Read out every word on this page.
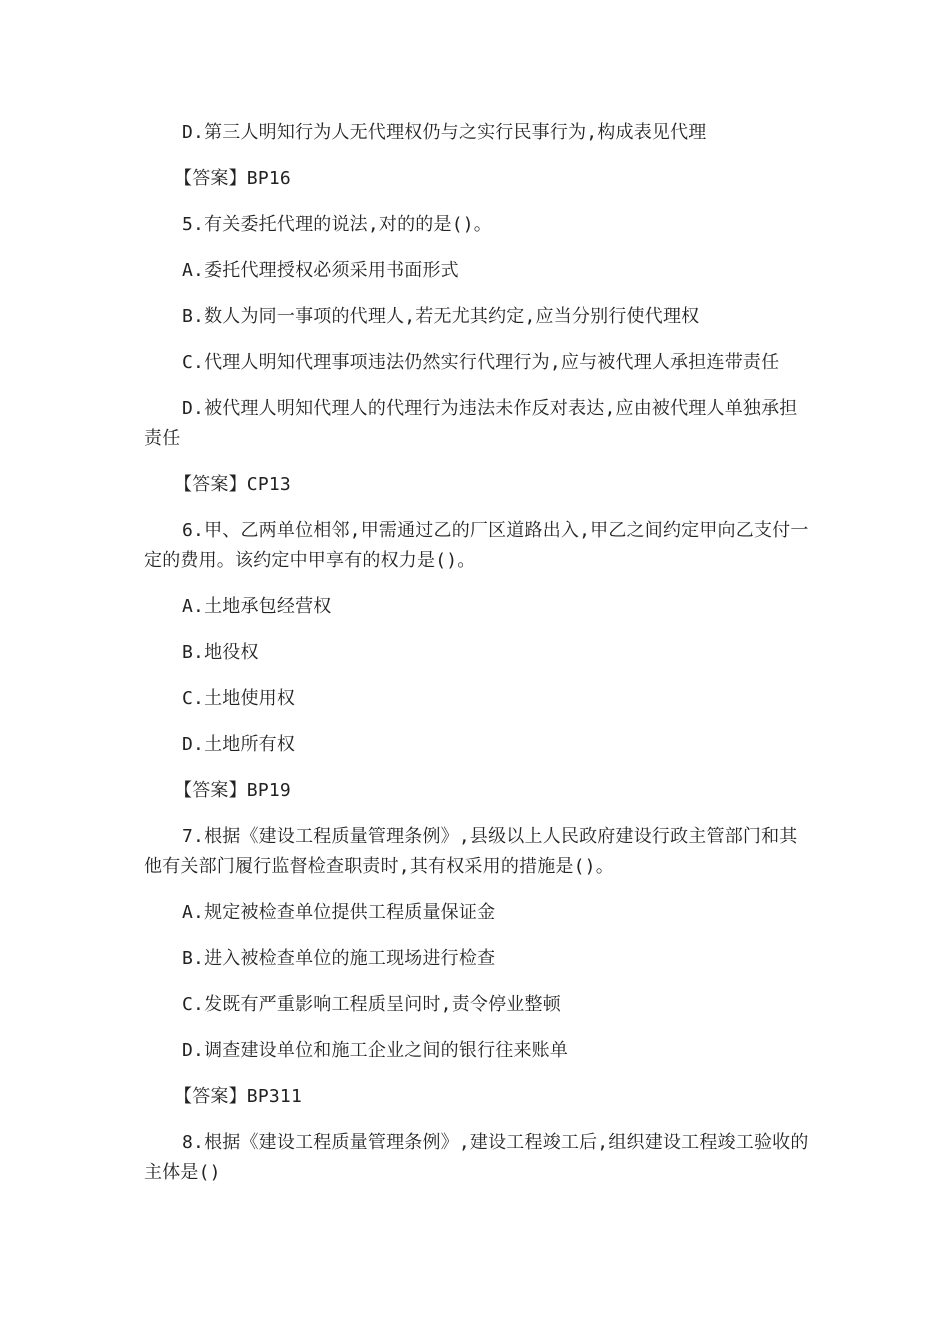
D.第三人明知行为人无代理权仍与之实行民事行为,构成表见代理

【答案】BP16

5.有关委托代理的说法,对的的是()。

A.委托代理授权必须采用书面形式

B.数人为同一事项的代理人,若无尤其约定,应当分别行使代理权

C.代理人明知代理事项违法仍然实行代理行为,应与被代理人承担连带责任

D.被代理人明知代理人的代理行为违法未作反对表达,应由被代理人单独承担责任

【答案】CP13

6.甲、乙两单位相邻,甲需通过乙的厂区道路出入,甲乙之间约定甲向乙支付一定的费用。该约定中甲享有的权力是()。

A.土地承包经营权

B.地役权

C.土地使用权

D.土地所有权

【答案】BP19

7.根据《建设工程质量管理条例》,县级以上人民政府建设行政主管部门和其他有关部门履行监督检查职责时,其有权采用的措施是()。

A.规定被检查单位提供工程质量保证金

B.进入被检查单位的施工现场进行检查

C.发既有严重影响工程质呈问时,责令停业整顿

D.调查建设单位和施工企业之间的银行往来账单

【答案】BP311

8.根据《建设工程质量管理条例》,建设工程竣工后,组织建设工程竣工验收的主体是()
